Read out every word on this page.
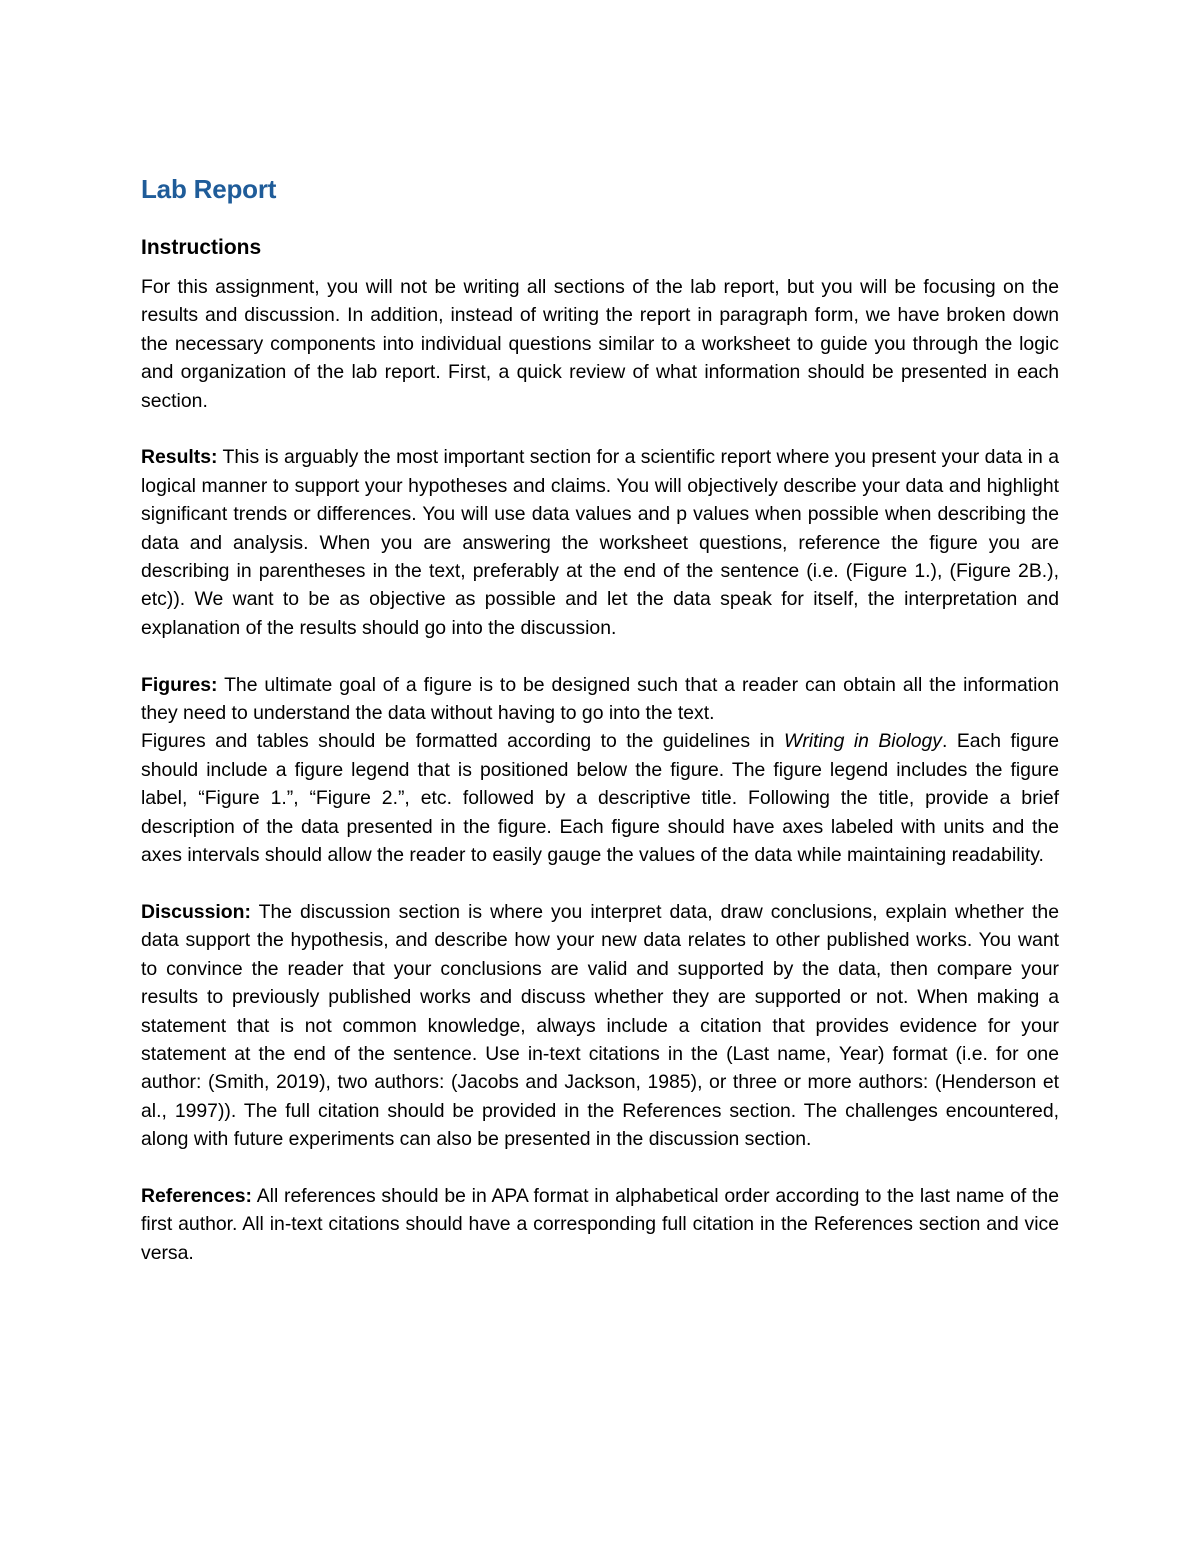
Lab Report
Instructions

For this assignment, you will not be writing all sections of the lab report, but you will be focusing on the results and discussion. In addition, instead of writing the report in paragraph form, we have broken down the necessary components into individual questions similar to a worksheet to guide you through the logic and organization of the lab report. First, a quick review of what information should be presented in each section.

Results: This is arguably the most important section for a scientific report where you present your data in a logical manner to support your hypotheses and claims. You will objectively describe your data and highlight significant trends or differences. You will use data values and p values when possible when describing the data and analysis. When you are answering the worksheet questions, reference the figure you are describing in parentheses in the text, preferably at the end of the sentence (i.e. (Figure 1.), (Figure 2B.), etc)). We want to be as objective as possible and let the data speak for itself, the interpretation and explanation of the results should go into the discussion.

Figures: The ultimate goal of a figure is to be designed such that a reader can obtain all the information they need to understand the data without having to go into the text.

Figures and tables should be formatted according to the guidelines in Writing in Biology. Each figure should include a figure legend that is positioned below the figure. The figure legend includes the figure label, “Figure 1.”, “Figure 2.”, etc. followed by a descriptive title. Following the title, provide a brief description of the data presented in the figure. Each figure should have axes labeled with units and the axes intervals should allow the reader to easily gauge the values of the data while maintaining readability.

Discussion: The discussion section is where you interpret data, draw conclusions, explain whether the data support the hypothesis, and describe how your new data relates to other published works. You want to convince the reader that your conclusions are valid and supported by the data, then compare your results to previously published works and discuss whether they are supported or not. When making a statement that is not common knowledge, always include a citation that provides evidence for your statement at the end of the sentence. Use in-text citations in the (Last name, Year) format (i.e. for one author: (Smith, 2019), two authors: (Jacobs and Jackson, 1985), or three or more authors: (Henderson et al., 1997)). The full citation should be provided in the References section. The challenges encountered, along with future experiments can also be presented in the discussion section.

References: All references should be in APA format in alphabetical order according to the last name of the first author. All in-text citations should have a corresponding full citation in the References section and vice versa.
